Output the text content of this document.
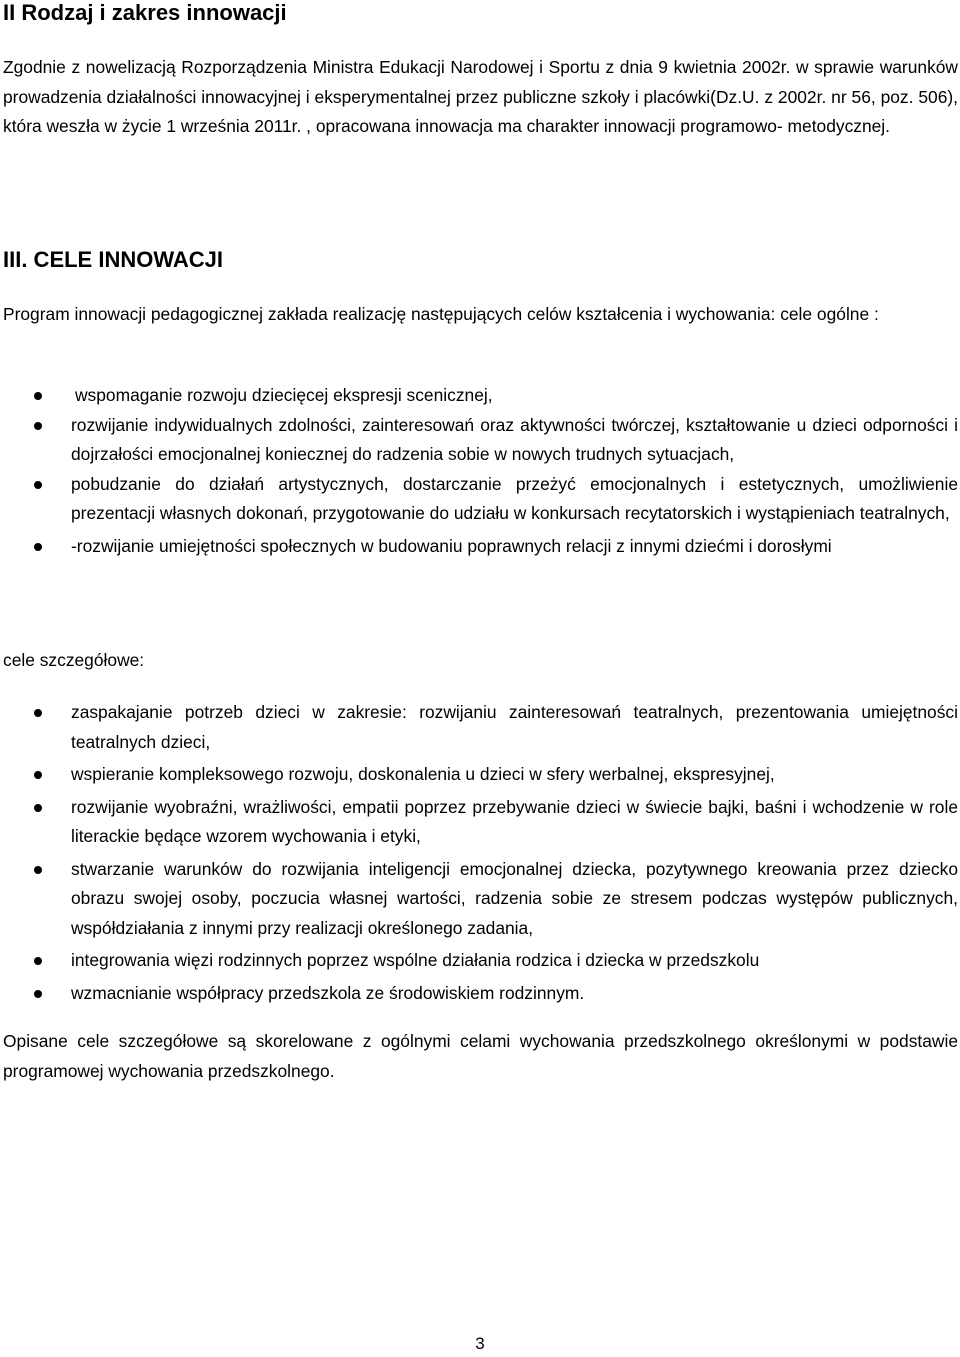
II Rodzaj i zakres innowacji

Zgodnie z nowelizacją Rozporządzenia Ministra Edukacji Narodowej i Sportu z dnia 9 kwietnia 2002r. w sprawie warunków prowadzenia działalności innowacyjnej i eksperymentalnej przez publiczne szkoły i placówki(Dz.U. z 2002r. nr 56, poz. 506), która weszła w życie 1 września 2011r. , opracowana innowacja ma charakter innowacji programowo- metodycznej.

III. CELE INNOWACJI

Program innowacji pedagogicznej zakłada realizację następujących celów kształcenia i wychowania: cele ogólne :

wspomaganie rozwoju dziecięcej ekspresji scenicznej,
rozwijanie indywidualnych zdolności, zainteresowań oraz aktywności twórczej, kształtowanie u dzieci odporności i dojrzałości emocjonalnej koniecznej do radzenia sobie w nowych trudnych sytuacjach,
pobudzanie do działań artystycznych, dostarczanie przeżyć emocjonalnych i estetycznych, umożliwienie prezentacji własnych dokonań, przygotowanie do udziału w konkursach recytatorskich i wystąpieniach teatralnych,
-rozwijanie umiejętności społecznych w budowaniu poprawnych relacji z innymi dziećmi i dorosłymi

cele szczegółowe:

zaspakajanie potrzeb dzieci w zakresie: rozwijaniu zainteresowań teatralnych, prezentowania umiejętności teatralnych dzieci,
wspieranie kompleksowego rozwoju, doskonalenia u dzieci w sfery werbalnej, ekspresyjnej,
rozwijanie wyobraźni, wrażliwości, empatii poprzez przebywanie dzieci w świecie bajki, baśni i wchodzenie w role literackie będące wzorem wychowania i etyki,
stwarzanie warunków do rozwijania inteligencji emocjonalnej dziecka, pozytywnego kreowania przez dziecko obrazu swojej osoby, poczucia własnej wartości, radzenia sobie ze stresem podczas występów publicznych, współdziałania z innymi przy realizacji określonego zadania,
integrowania więzi rodzinnych poprzez wspólne działania rodzica i dziecka w przedszkolu
wzmacnianie współpracy przedszkola ze środowiskiem rodzinnym.

Opisane cele szczegółowe są skorelowane z ogólnymi celami wychowania przedszkolnego określonymi w podstawie programowej wychowania przedszkolnego.

3
